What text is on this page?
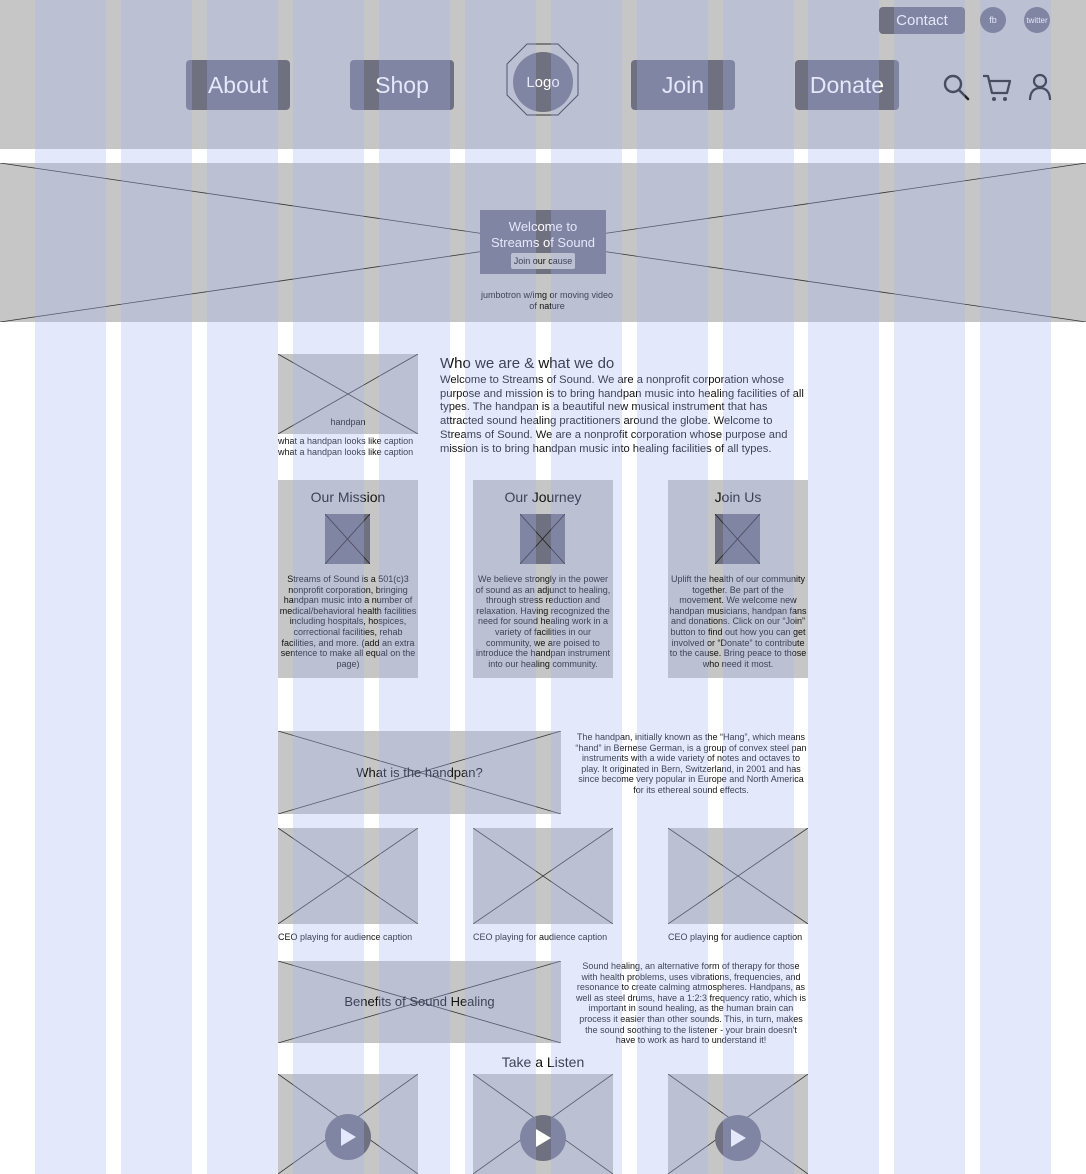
Contact	fb	twitter
About	Shop	Join	Donate
Logo
Welcome to Streams of Sound
Join our cause
jumbotron w/img or moving video of nature
handpan
what a handpan looks like caption
what a handpan looks like caption
Who we are & what we do
Welcome to Streams of Sound. We are a nonprofit corporation whose purpose and mission is to bring handpan music into healing facilities of all types. The handpan is a beautiful new musical instrument that has attracted sound healing practitioners around the globe. Welcome to Streams of Sound. We are a nonprofit corporation whose purpose and mission is to bring handpan music into healing facilities of all types.
Our Mission
Streams of Sound is a 501(c)3 nonprofit corporation, bringing handpan music into a number of medical/behavioral health facilities including hospitals, hospices, correctional facilities, rehab facilities, and more. (add an extra sentence to make all equal on the page)
Our Journey
We believe strongly in the power of sound as an adjunct to healing, through stress reduction and relaxation. Having recognized the need for sound healing work in a variety of facilities in our community, we are poised to introduce the handpan instrument into our healing community.
Join Us
Uplift the health of our community together. Be part of the movement. We welcome new handpan musicians, handpan fans and donations. Click on our “Join” button to find out how you can get involved or “Donate” to contribute to the cause. Bring peace to those who need it most.
What is the handpan?
The handpan, initially known as the “Hang”, which means “hand” in Bernese German, is a group of convex steel pan instruments with a wide variety of notes and octaves to play. It originated in Bern, Switzerland, in 2001 and has since become very popular in Europe and North America for its ethereal sound effects.
CEO playing for audience caption	CEO playing for audience caption	CEO playing for audience caption
Benefits of Sound Healing
Sound healing, an alternative form of therapy for those with health problems, uses vibrations, frequencies, and resonance to create calming atmospheres. Handpans, as well as steel drums, have a 1:2:3 frequency ratio, which is important in sound healing, as the human brain can process it easier than other sounds. This, in turn, makes the sound soothing to the listener - your brain doesn't have to work as hard to understand it!
Take a Listen
